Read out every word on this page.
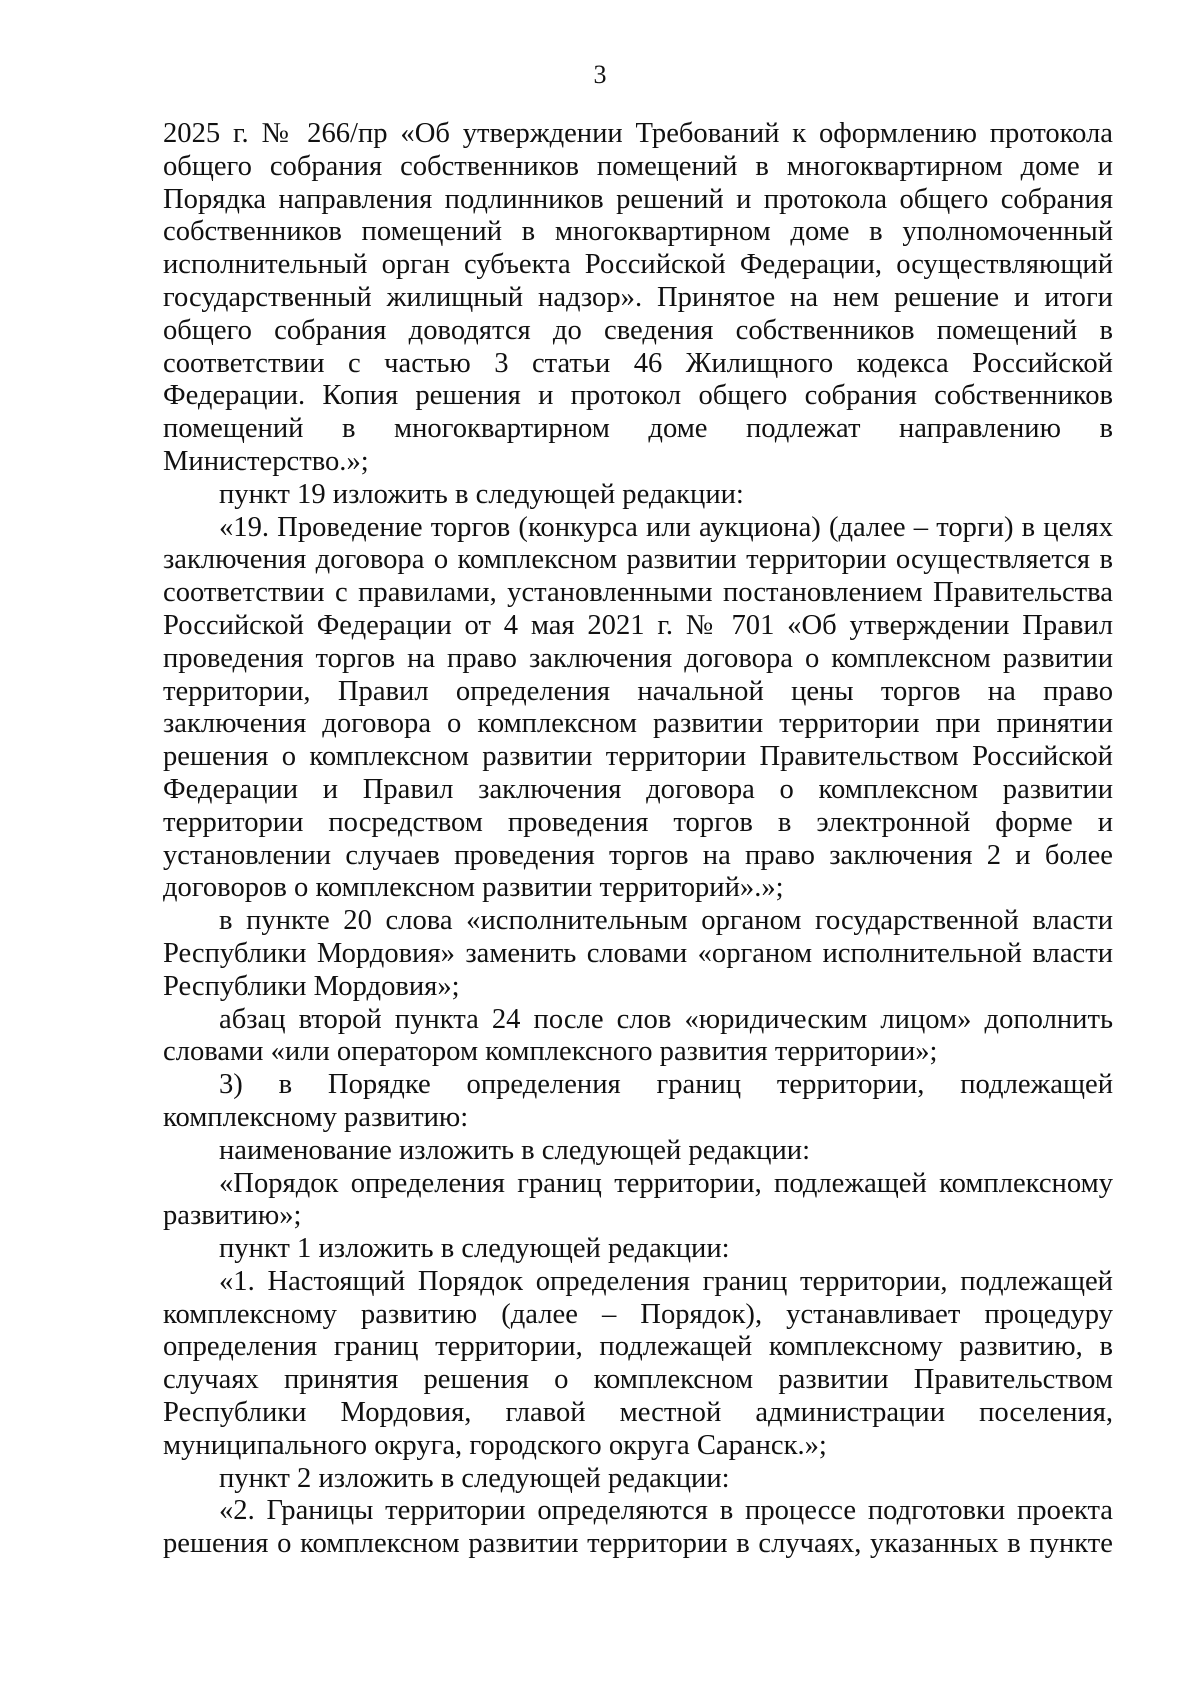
3

2025 г. № 266/пр «Об утверждении Требований к оформлению протокола общего собрания собственников помещений в многоквартирном доме и Порядка направления подлинников решений и протокола общего собрания собственников помещений в многоквартирном доме в уполномоченный исполнительный орган субъекта Российской Федерации, осуществляющий государственный жилищный надзор». Принятое на нем решение и итоги общего собрания доводятся до сведения собственников помещений в соответствии с частью 3 статьи 46 Жилищного кодекса Российской Федерации. Копия решения и протокол общего собрания собственников помещений в многоквартирном доме подлежат направлению в Министерство.»;

пункт 19 изложить в следующей редакции:

«19. Проведение торгов (конкурса или аукциона) (далее – торги) в целях заключения договора о комплексном развитии территории осуществляется в соответствии с правилами, установленными постановлением Правительства Российской Федерации от 4 мая 2021 г. № 701 «Об утверждении Правил проведения торгов на право заключения договора о комплексном развитии территории, Правил определения начальной цены торгов на право заключения договора о комплексном развитии территории при принятии решения о комплексном развитии территории Правительством Российской Федерации и Правил заключения договора о комплексном развитии территории посредством проведения торгов в электронной форме и установлении случаев проведения торгов на право заключения 2 и более договоров о комплексном развитии территорий».»;

в пункте 20 слова «исполнительным органом государственной власти Республики Мордовия» заменить словами «органом исполнительной власти Республики Мордовия»;

абзац второй пункта 24 после слов «юридическим лицом» дополнить словами «или оператором комплексного развития территории»;

3) в Порядке определения границ территории, подлежащей комплексному развитию:

наименование изложить в следующей редакции:

«Порядок определения границ территории, подлежащей комплексному развитию»;

пункт 1 изложить в следующей редакции:

«1. Настоящий Порядок определения границ территории, подлежащей комплексному развитию (далее – Порядок), устанавливает процедуру определения границ территории, подлежащей комплексному развитию, в случаях принятия решения о комплексном развитии Правительством Республики Мордовия, главой местной администрации поселения, муниципального округа, городского округа Саранск.»;

пункт 2 изложить в следующей редакции:

«2. Границы территории определяются в процессе подготовки проекта решения о комплексном развитии территории в случаях, указанных в пункте
